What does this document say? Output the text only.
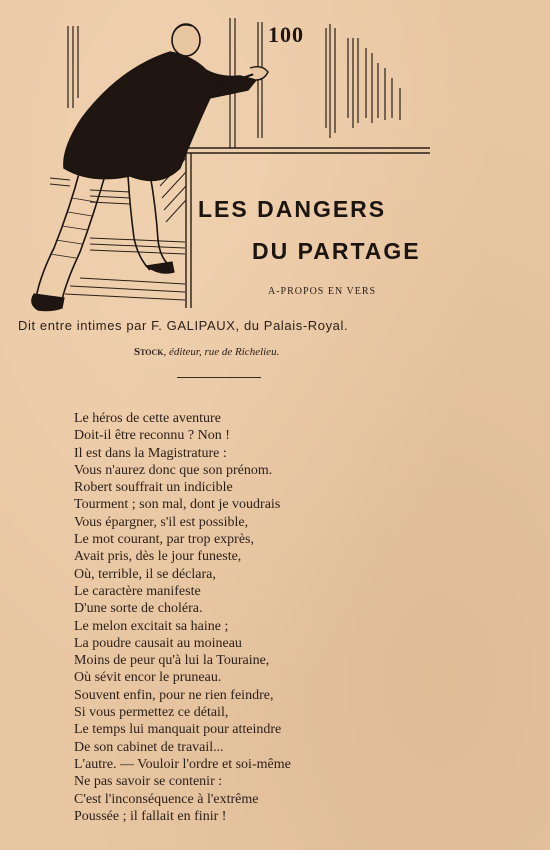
100
LES DANGERS
DU PARTAGE
A-PROPOS EN VERS
Dit entre intimes par F. GALIPAUX, du Palais-Royal.
Stock, éditeur, rue de Richelieu.
Le héros de cette aventure
Doit-il être reconnu ? Non !
Il est dans la Magistrature :
Vous n'aurez donc que son prénom.
Robert souffrait un indicible
Tourment ; son mal, dont je voudrais
Vous épargner, s'il est possible,
Le mot courant, par trop exprès,
Avait pris, dès le jour funeste,
Où, terrible, il se déclara,
Le caractère manifeste
D'une sorte de choléra.
Le melon excitait sa haine ;
La poudre causait au moineau
Moins de peur qu'à lui la Touraine,
Où sévit encor le pruneau.
Souvent enfin, pour ne rien feindre,
Si vous permettez ce détail,
Le temps lui manquait pour atteindre
De son cabinet de travail...
L'autre. — Vouloir l'ordre et soi-même
Ne pas savoir se contenir :
C'est l'inconséquence à l'extrême
Poussée ; il fallait en finir !
